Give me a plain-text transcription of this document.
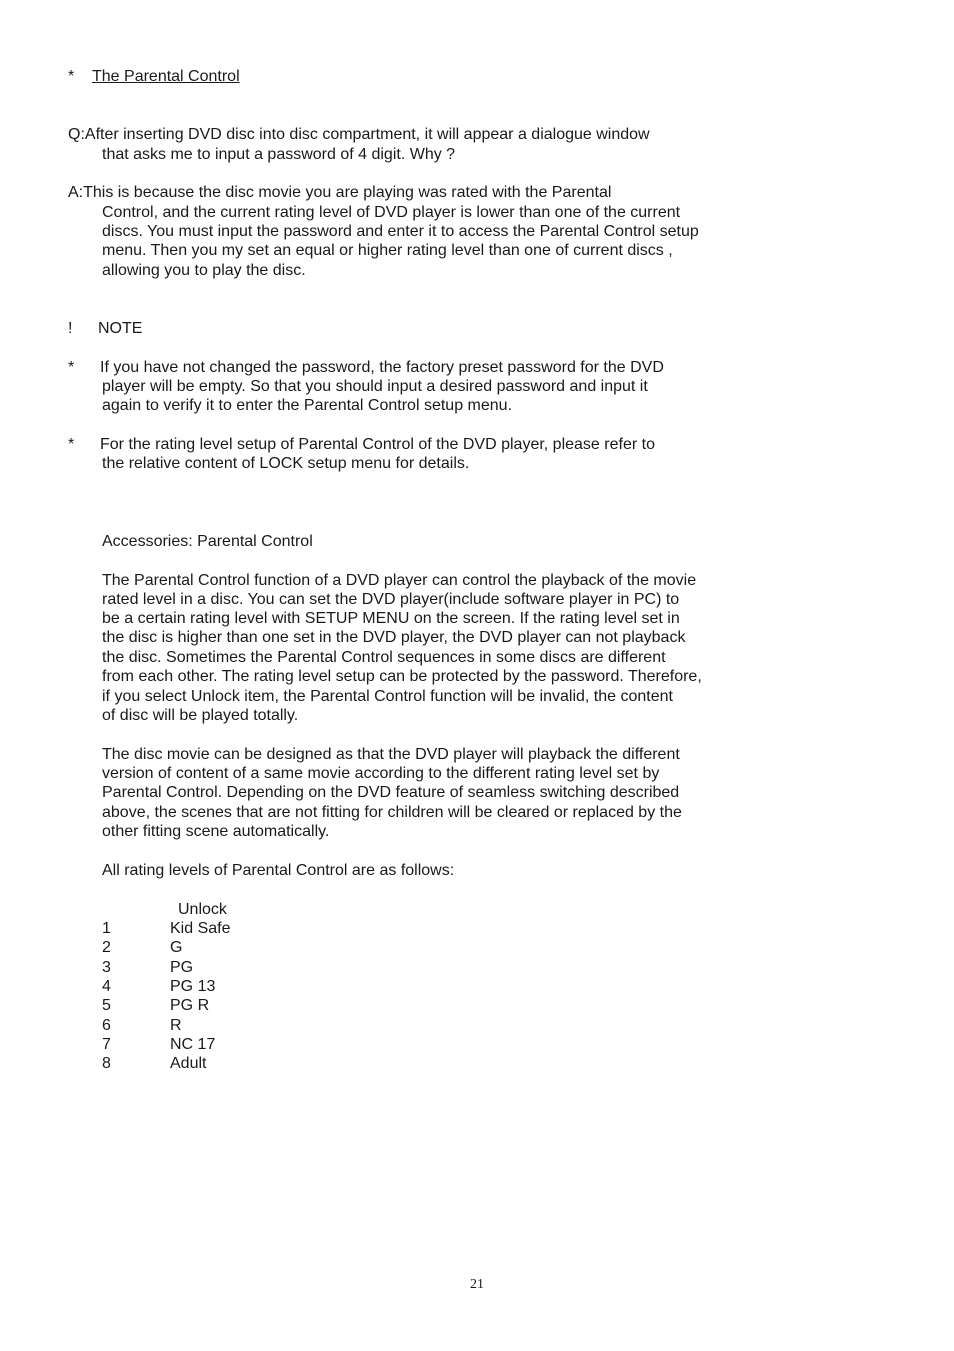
* The Parental Control
Q:After inserting DVD disc into disc compartment, it will appear a dialogue window
that asks me to input a password of 4 digit. Why ?
A:This is because the disc movie you are playing was rated with the Parental
Control, and the current rating level of DVD player is lower than one of the current
discs. You must input the password and enter it to access the Parental Control setup
menu. Then you my set an equal or higher rating level than one of current discs ,
allowing you to play the disc.
! NOTE
* If you have not changed the password, the factory preset password for the DVD
player will be empty. So that you should input a desired password and input it
again to verify it to enter the Parental Control setup menu.
* For the rating level setup of Parental Control of the DVD player, please refer to
the relative content of LOCK setup menu for details.
Accessories: Parental Control
The Parental Control function of a DVD player can control the playback of the movie
rated level in a disc. You can set the DVD player(include software player in PC) to
be a certain rating level with SETUP MENU on the screen. If the rating level set in
the disc is higher than one set in the DVD player, the DVD player can not playback
the disc. Sometimes the Parental Control sequences in some discs are different
from each other. The rating level setup can be protected by the password. Therefore,
if you select Unlock item, the Parental Control function will be invalid, the content
of disc will be played totally.
The disc movie can be designed as that the DVD player will playback the different
version of content of a same movie according to the different rating level set by
Parental Control. Depending on the DVD feature of seamless switching described
above, the scenes that are not fitting for children will be cleared or replaced by the
other fitting scene automatically.
All rating levels of Parental Control are as follows:
Unlock
1	Kid Safe
2	G
3	PG
4	PG 13
5	PG R
6	R
7	NC 17
8	Adult
21
